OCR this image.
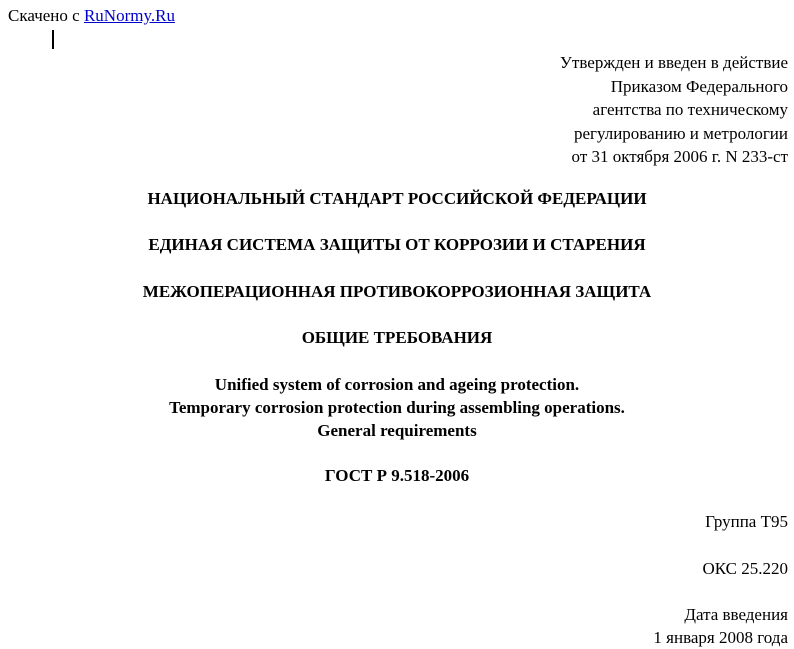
Скачено с RuNormy.Ru
Утвержден и введен в действие
Приказом Федерального
агентства по техническому
регулированию и метрологии
от 31 октября 2006 г. N 233-ст
НАЦИОНАЛЬНЫЙ СТАНДАРТ РОССИЙСКОЙ ФЕДЕРАЦИИ
ЕДИНАЯ СИСТЕМА ЗАЩИТЫ ОТ КОРРОЗИИ И СТАРЕНИЯ
МЕЖОПЕРАЦИОННАЯ ПРОТИВОКОРРОЗИОННАЯ ЗАЩИТА
ОБЩИЕ ТРЕБОВАНИЯ
Unified system of corrosion and ageing protection.
Temporary corrosion protection during assembling operations.
General requirements
ГОСТ Р 9.518-2006
Группа Т95
ОКС 25.220
Дата введения
1 января 2008 года
